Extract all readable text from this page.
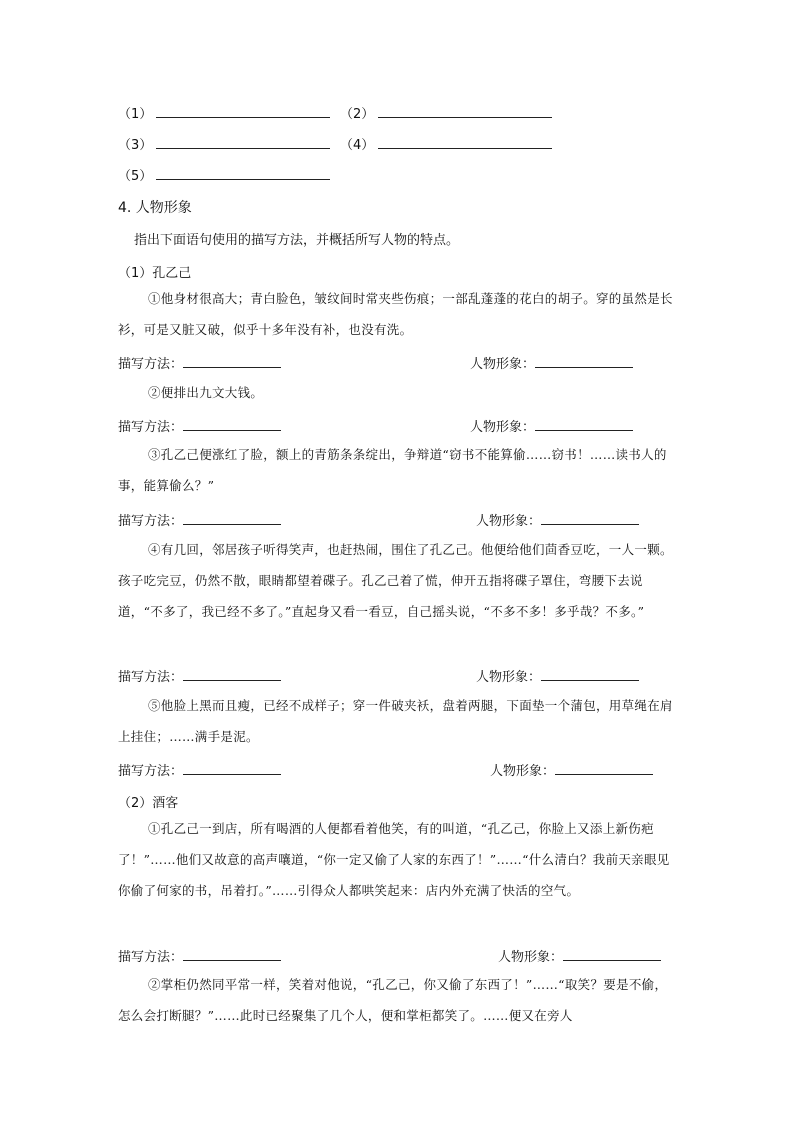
（1）	（2）
（3）	（4）
（5）
4. 人物形象
指出下面语句使用的描写方法，并概括所写人物的特点。
（1）孔乙己
①他身材很高大；青白脸色，皱纹间时常夹些伤痕；一部乱蓬蓬的花白的胡子。穿的虽然是长衫，可是又脏又破，似乎十多年没有补，也没有洗。
描写方法：	人物形象：
②便排出九文大钱。
描写方法：	人物形象：
③孔乙己便涨红了脸，额上的青筋条条绽出，争辩道“窃书不能算偷……窃书！……读书人的事，能算偷么？”
描写方法：	人物形象：
④有几回，邻居孩子听得笑声，也赶热闹，围住了孔乙己。他便给他们茴香豆吃，一人一颗。孩子吃完豆，仍然不散，眼睛都望着碟子。孔乙己着了慌，伸开五指将碟子罩住，弯腰下去说道，“不多了，我已经不多了。”直起身又看一看豆，自己摇头说，“不多不多！多乎哉？不多。”
描写方法：	人物形象：
⑤他脸上黑而且瘦，已经不成样子；穿一件破夹袄，盘着两腿，下面垫一个蒲包，用草绳在肩上挂住；……满手是泥。
描写方法：	人物形象：
（2）酒客
①孔乙己一到店，所有喝酒的人便都看着他笑，有的叫道，“孔乙己，你脸上又添上新伤疤了！”……他们又故意的高声嚷道，“你一定又偷了人家的东西了！”……“什么清白？我前天亲眼见你偷了何家的书，吊着打。”……引得众人都哄笑起来：店内外充满了快活的空气。
描写方法：	人物形象：
②掌柜仍然同平常一样，笑着对他说，“孔乙己，你又偷了东西了！”……“取笑？要是不偷，怎么会打断腿？”……此时已经聚集了几个人，便和掌柜都笑了。……便又在旁人
